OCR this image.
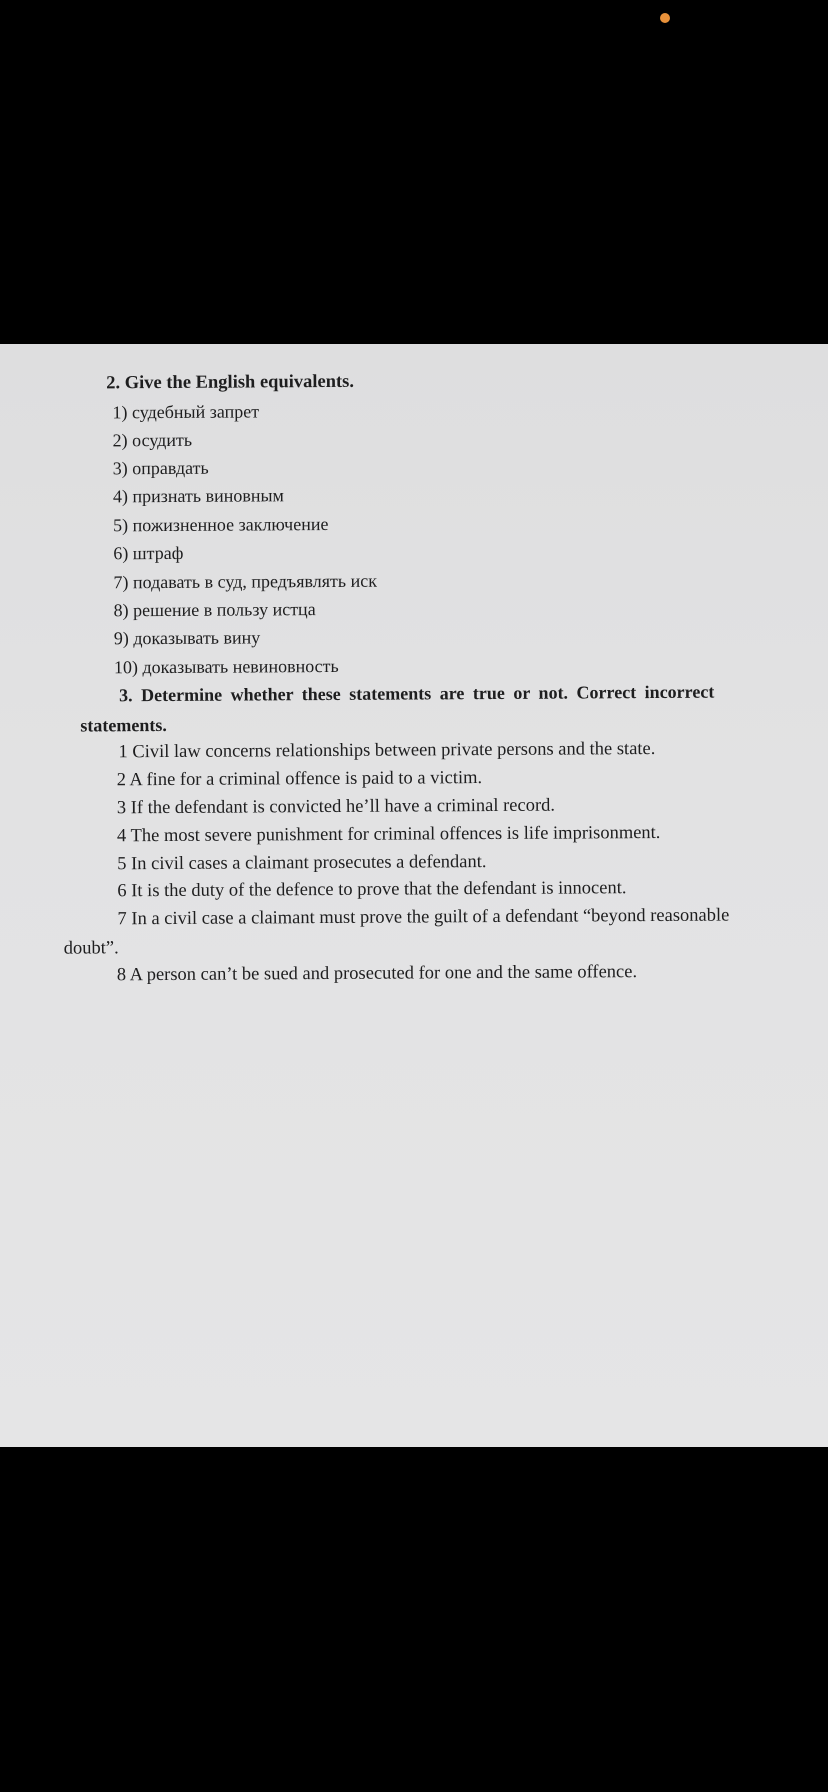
2. Give the English equivalents.
1) судебный запрет
2) осудить
3) оправдать
4) признать виновным
5) пожизненное заключение
6) штраф
7) подавать в суд, предъявлять иск
8) решение в пользу истца
9) доказывать вину
10) доказывать невиновность
3. Determine whether these statements are true or not. Correct incorrect
statements.
1 Civil law concerns relationships between private persons and the state.
2 A fine for a criminal offence is paid to a victim.
3 If the defendant is convicted he’ll have a criminal record.
4 The most severe punishment for criminal offences is life imprisonment.
5 In civil cases a claimant prosecutes a defendant.
6 It is the duty of the defence to prove that the defendant is innocent.
7 In a civil case a claimant must prove the guilt of a defendant “beyond reasonable
doubt”.
8 A person can’t be sued and prosecuted for one and the same offence.
